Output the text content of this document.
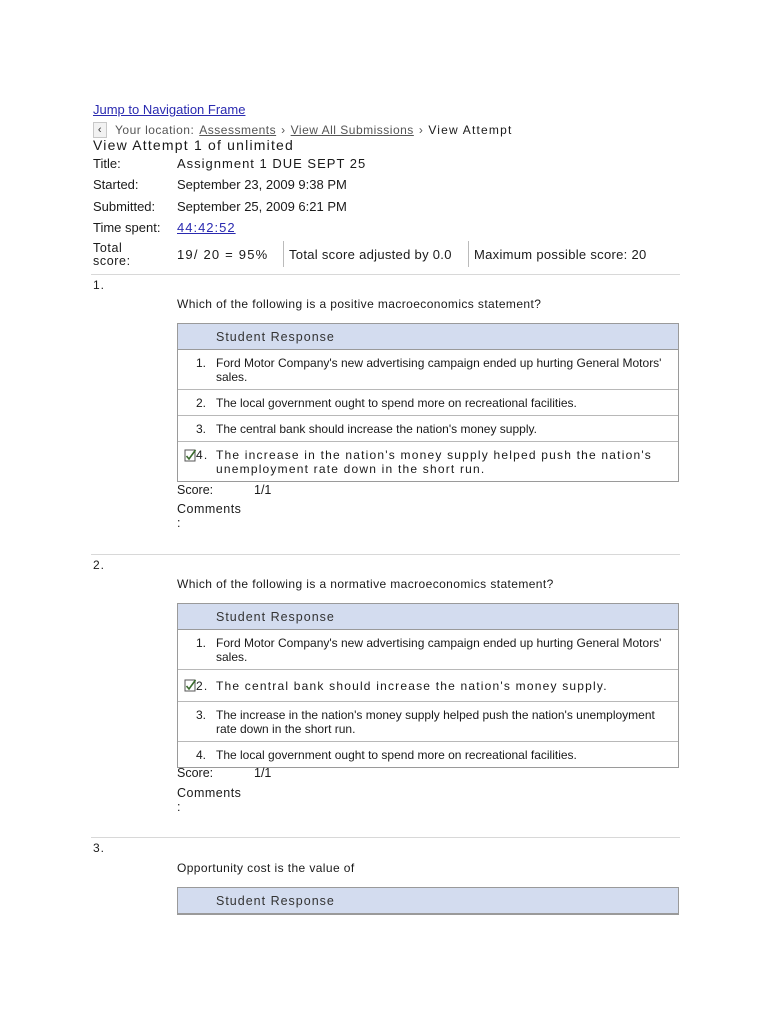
Jump to Navigation Frame
‹	Your location: Assessments › View All Submissions › View Attempt
View Attempt 1 of unlimited
Title:	Assignment 1 DUE SEPT 25
Started:	September 23, 2009 9:38 PM
Submitted: September 25, 2009 6:21 PM
Time spent: 44:42:52
Total
score:	19/ 20 = 95% Total score adjusted by 0.0 Maximum possible score: 20
1.
Which of the following is a positive macroeconomics statement?
Student Response
1. Ford Motor Company's new advertising campaign ended up hurting General Motors' sales.
2. The local government ought to spend more on recreational facilities.
3. The central bank should increase the nation's money supply.
4. The increase in the nation's money supply helped push the nation's unemployment rate down in the short run.
Score:	1/1
Comments
:
2.
Which of the following is a normative macroeconomics statement?
Student Response
1. Ford Motor Company's new advertising campaign ended up hurting General Motors' sales.
2. The central bank should increase the nation's money supply.
3. The increase in the nation's money supply helped push the nation's unemployment rate down in the short run.
4. The local government ought to spend more on recreational facilities.
Score:	1/1
Comments
:
3.
Opportunity cost is the value of
Student Response
